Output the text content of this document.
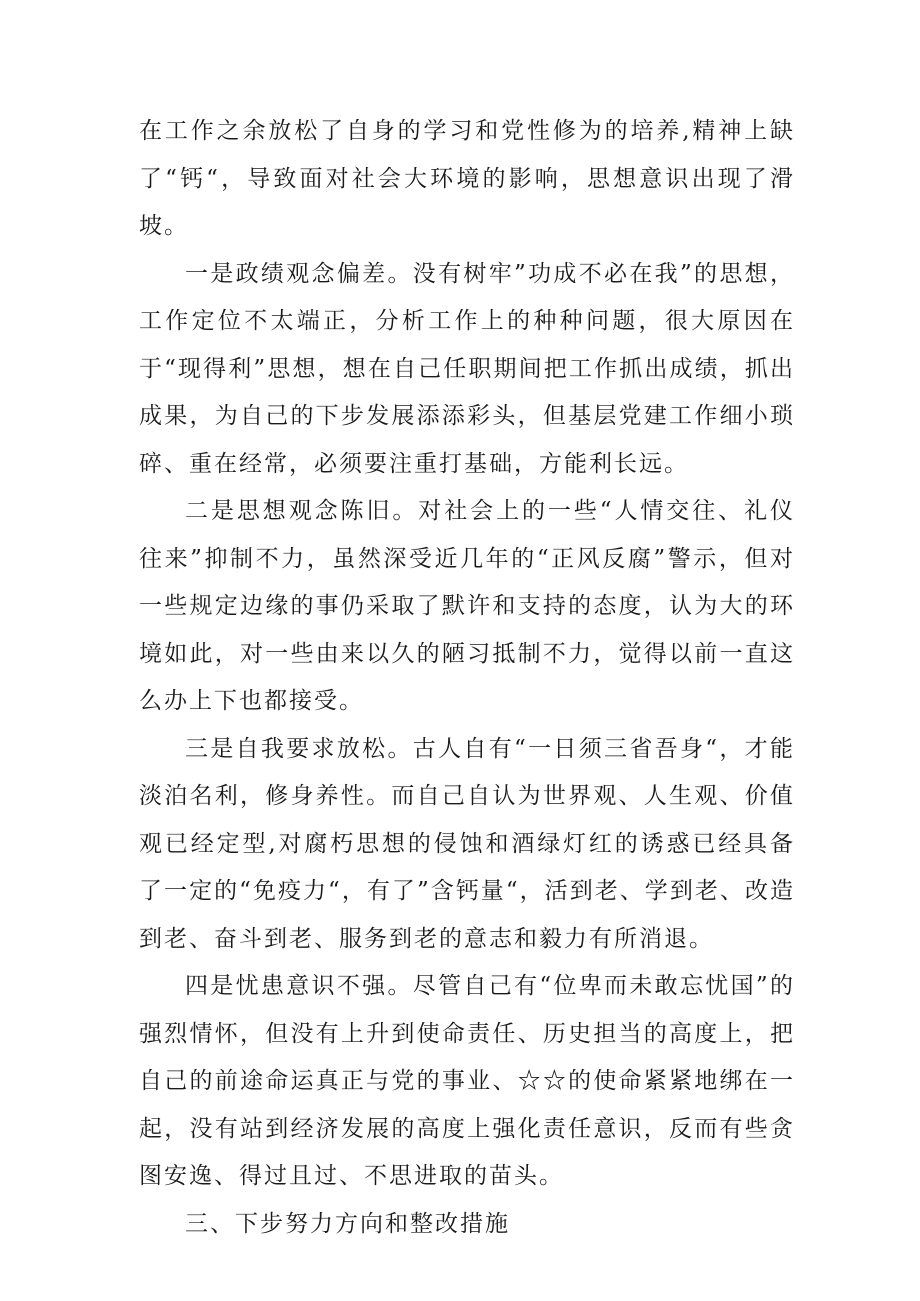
在工作之余放松了自身的学习和党性修为的培养,精神上缺了“钙“，导致面对社会大环境的影响，思想意识出现了滑坡。

一是政绩观念偏差。没有树牢”功成不必在我”的思想，工作定位不太端正，分析工作上的种种问题，很大原因在于“现得利”思想，想在自己任职期间把工作抓出成绩，抓出成果，为自己的下步发展添添彩头，但基层党建工作细小琐碎、重在经常，必须要注重打基础，方能利长远。

二是思想观念陈旧。对社会上的一些“人情交往、礼仪往来”抑制不力，虽然深受近几年的“正风反腐”警示，但对一些规定边缘的事仍采取了默许和支持的态度，认为大的环境如此，对一些由来以久的陋习抵制不力，觉得以前一直这么办上下也都接受。

三是自我要求放松。古人自有“一日须三省吾身“，才能淡泊名利，修身养性。而自己自认为世界观、人生观、价值观已经定型,对腐朽思想的侵蚀和酒绿灯红的诱惑已经具备了一定的“免疫力“，有了”含钙量“，活到老、学到老、改造到老、奋斗到老、服务到老的意志和毅力有所消退。

四是忧患意识不强。尽管自己有“位卑而未敢忘忧国”的强烈情怀，但没有上升到使命责任、历史担当的高度上，把自己的前途命运真正与党的事业、☆☆的使命紧紧地绑在一起，没有站到经济发展的高度上强化责任意识，反而有些贪图安逸、得过且过、不思进取的苗头。

三、下步努力方向和整改措施
